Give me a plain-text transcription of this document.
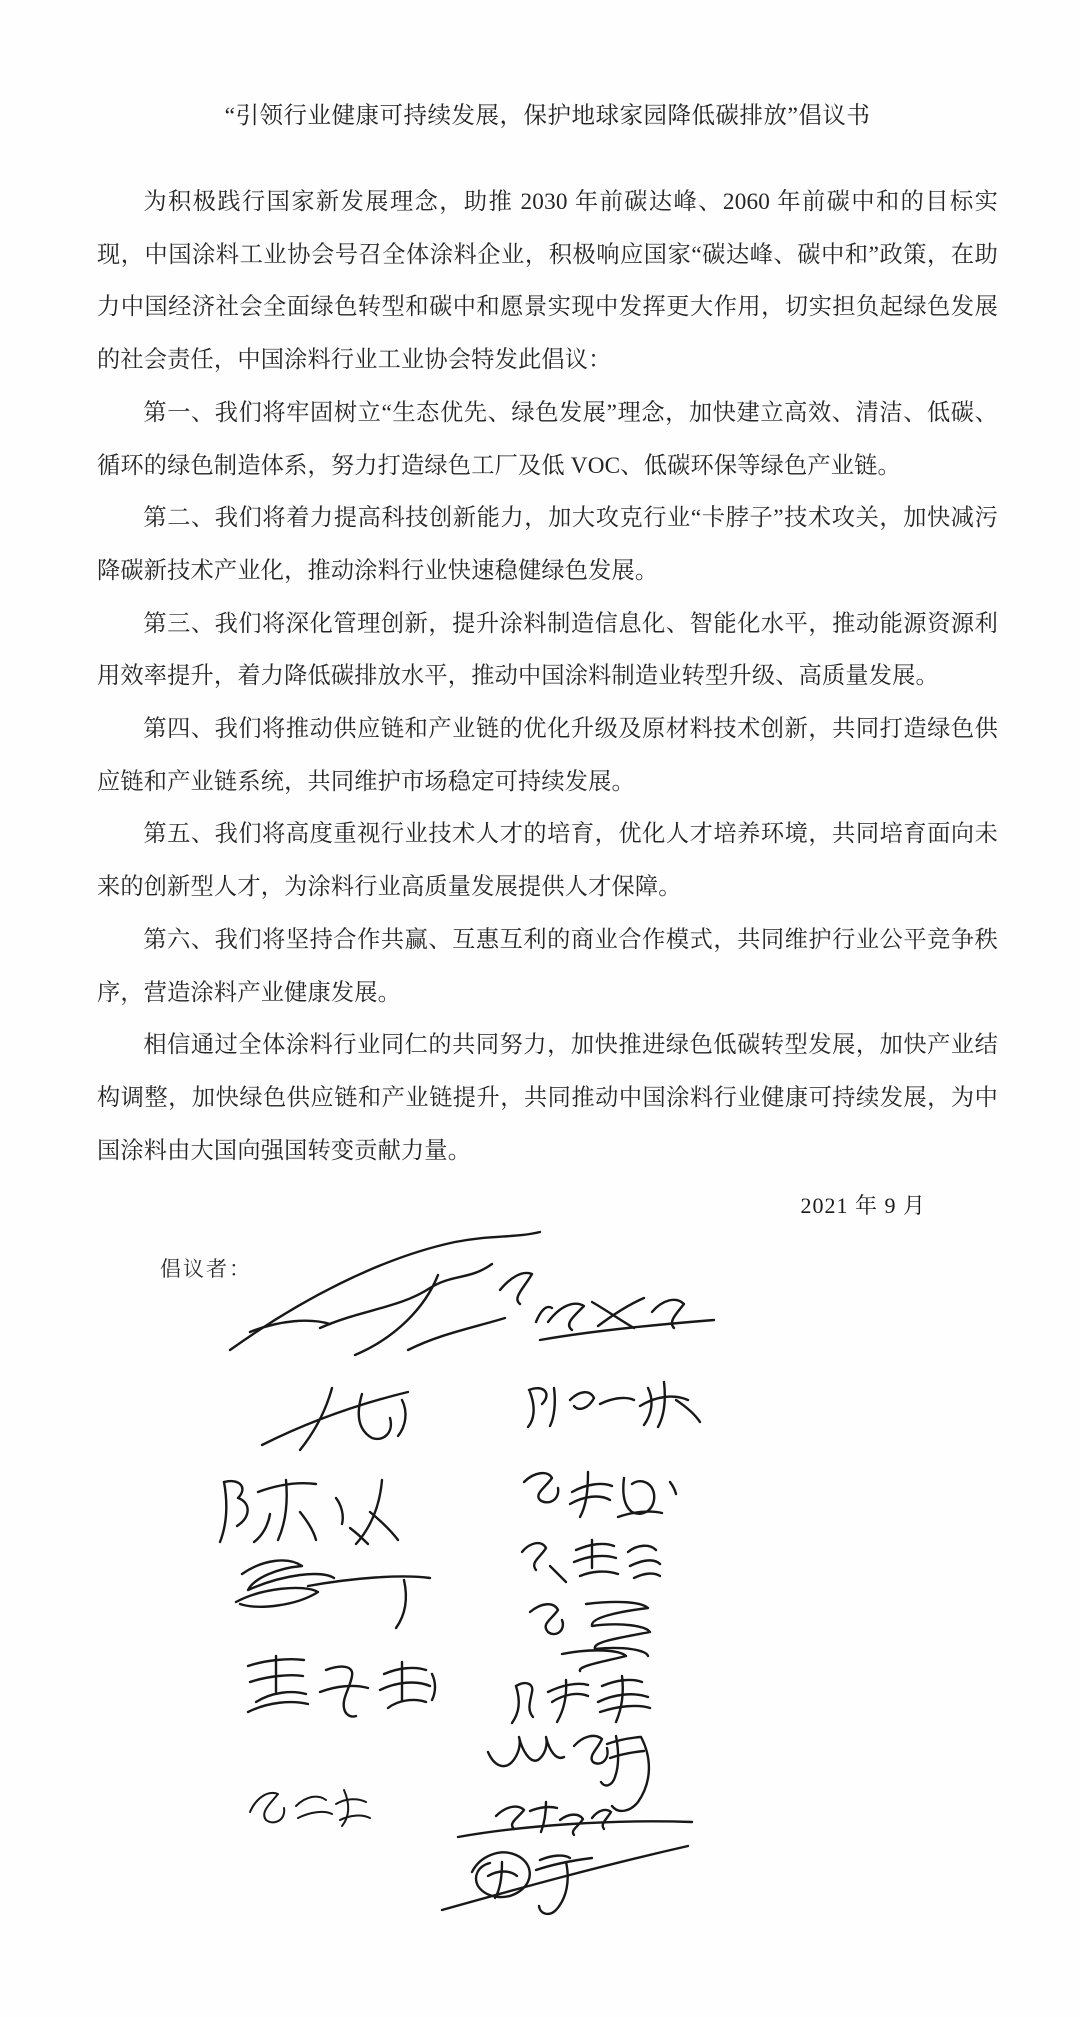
“引领行业健康可持续发展，保护地球家园降低碳排放”倡议书

为积极践行国家新发展理念，助推 2030 年前碳达峰、2060 年前碳中和的目标实现，中国涂料工业协会号召全体涂料企业，积极响应国家“碳达峰、碳中和”政策，在助力中国经济社会全面绿色转型和碳中和愿景实现中发挥更大作用，切实担负起绿色发展的社会责任，中国涂料行业工业协会特发此倡议：

第一、我们将牢固树立“生态优先、绿色发展”理念，加快建立高效、清洁、低碳、循环的绿色制造体系，努力打造绿色工厂及低 VOC、低碳环保等绿色产业链。

第二、我们将着力提高科技创新能力，加大攻克行业“卡脖子”技术攻关，加快减污降碳新技术产业化，推动涂料行业快速稳健绿色发展。

第三、我们将深化管理创新，提升涂料制造信息化、智能化水平，推动能源资源利用效率提升，着力降低碳排放水平，推动中国涂料制造业转型升级、高质量发展。

第四、我们将推动供应链和产业链的优化升级及原材料技术创新，共同打造绿色供应链和产业链系统，共同维护市场稳定可持续发展。

第五、我们将高度重视行业技术人才的培育，优化人才培养环境，共同培育面向未来的创新型人才，为涂料行业高质量发展提供人才保障。

第六、我们将坚持合作共赢、互惠互利的商业合作模式，共同维护行业公平竞争秩序，营造涂料产业健康发展。

相信通过全体涂料行业同仁的共同努力，加快推进绿色低碳转型发展，加快产业结构调整，加快绿色供应链和产业链提升，共同推动中国涂料行业健康可持续发展，为中国涂料由大国向强国转变贡献力量。

2021 年 9 月
倡议者：
